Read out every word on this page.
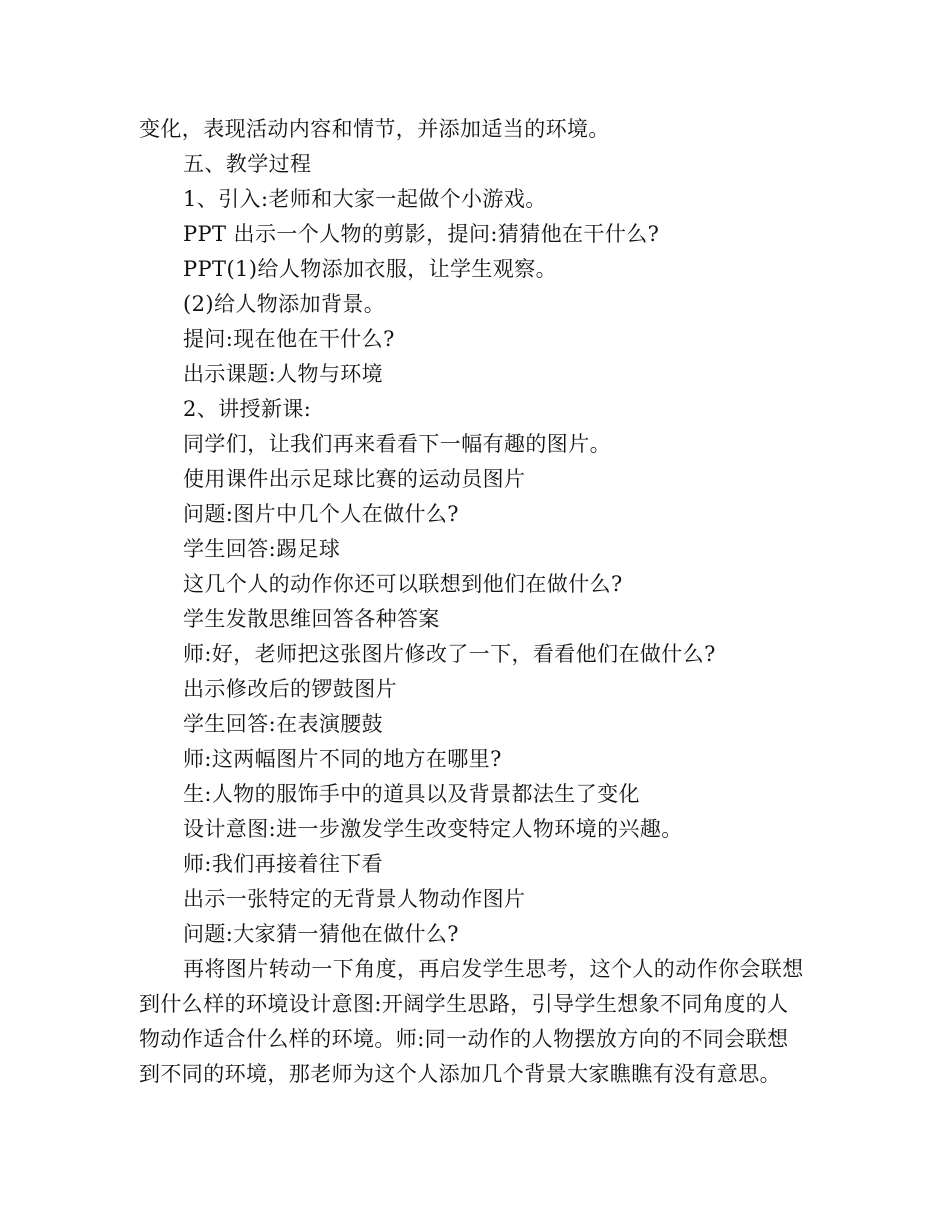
变化，表现活动内容和情节，并添加适当的环境。
五、教学过程
1、引入:老师和大家一起做个小游戏。
PPT 出示一个人物的剪影，提问:猜猜他在干什么?
PPT(1)给人物添加衣服，让学生观察。
(2)给人物添加背景。
提问:现在他在干什么?
出示课题:人物与环境
2、讲授新课:
同学们，让我们再来看看下一幅有趣的图片。
使用课件出示足球比赛的运动员图片
问题:图片中几个人在做什么?
学生回答:踢足球
这几个人的动作你还可以联想到他们在做什么?
学生发散思维回答各种答案
师:好，老师把这张图片修改了一下，看看他们在做什么?
出示修改后的锣鼓图片
学生回答:在表演腰鼓
师:这两幅图片不同的地方在哪里?
生:人物的服饰手中的道具以及背景都法生了变化
设计意图:进一步激发学生改变特定人物环境的兴趣。
师:我们再接着往下看
出示一张特定的无背景人物动作图片
问题:大家猜一猜他在做什么?
再将图片转动一下角度，再启发学生思考，这个人的动作你会联想
到什么样的环境设计意图:开阔学生思路，引导学生想象不同角度的人
物动作适合什么样的环境。师:同一动作的人物摆放方向的不同会联想
到不同的环境，那老师为这个人添加几个背景大家瞧瞧有没有意思。
